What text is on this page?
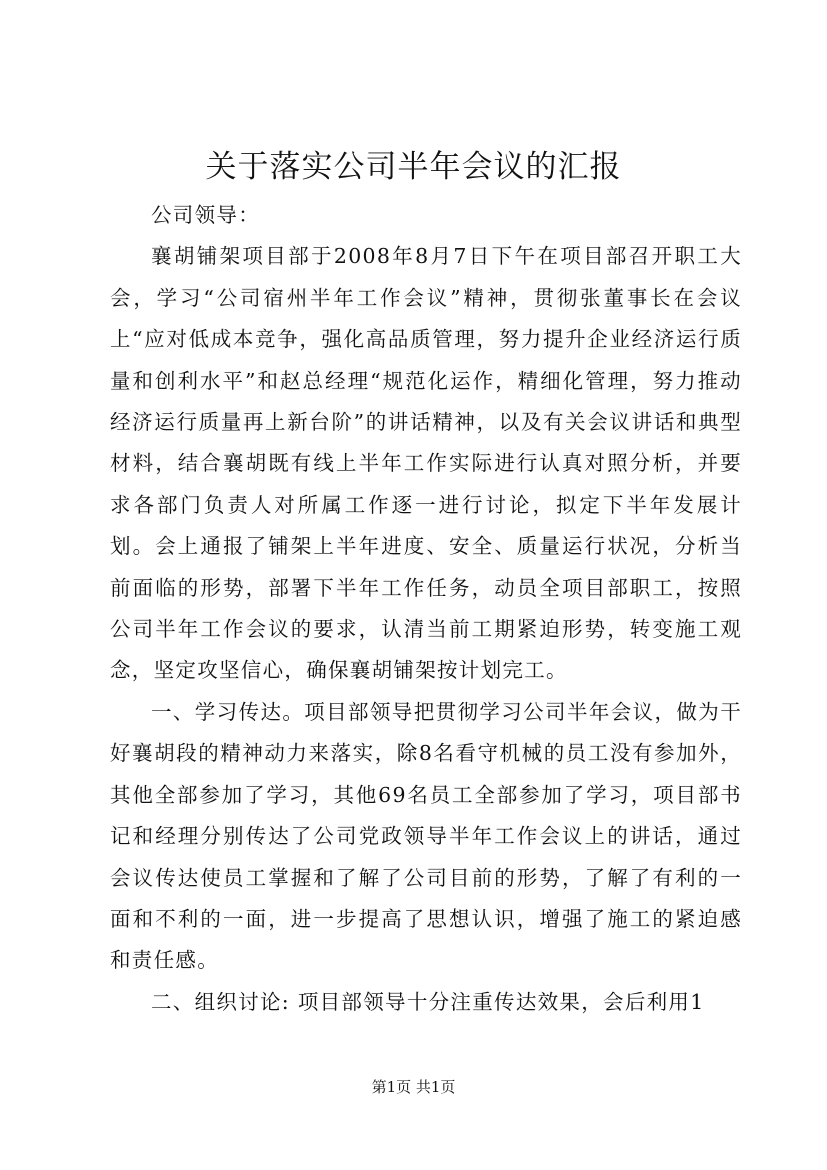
关于落实公司半年会议的汇报

公司领导：

襄胡铺架项目部于2008年8月7日下午在项目部召开职工大会，学习“公司宿州半年工作会议”精神，贯彻张董事长在会议上“应对低成本竞争，强化高品质管理，努力提升企业经济运行质量和创利水平”和赵总经理“规范化运作，精细化管理，努力推动经济运行质量再上新台阶”的讲话精神，以及有关会议讲话和典型材料，结合襄胡既有线上半年工作实际进行认真对照分析，并要求各部门负责人对所属工作逐一进行讨论，拟定下半年发展计划。会上通报了铺架上半年进度、安全、质量运行状况，分析当前面临的形势，部署下半年工作任务，动员全项目部职工，按照公司半年工作会议的要求，认清当前工期紧迫形势，转变施工观念，坚定攻坚信心，确保襄胡铺架按计划完工。

一、学习传达。项目部领导把贯彻学习公司半年会议，做为干好襄胡段的精神动力来落实，除8名看守机械的员工没有参加外，其他全部参加了学习，其他69名员工全部参加了学习，项目部书记和经理分别传达了公司党政领导半年工作会议上的讲话，通过会议传达使员工掌握和了解了公司目前的形势，了解了有利的一面和不利的一面，进一步提高了思想认识，增强了施工的紧迫感和责任感。

二、组织讨论: 项目部领导十分注重传达效果，会后利用1

第1页 共1页
